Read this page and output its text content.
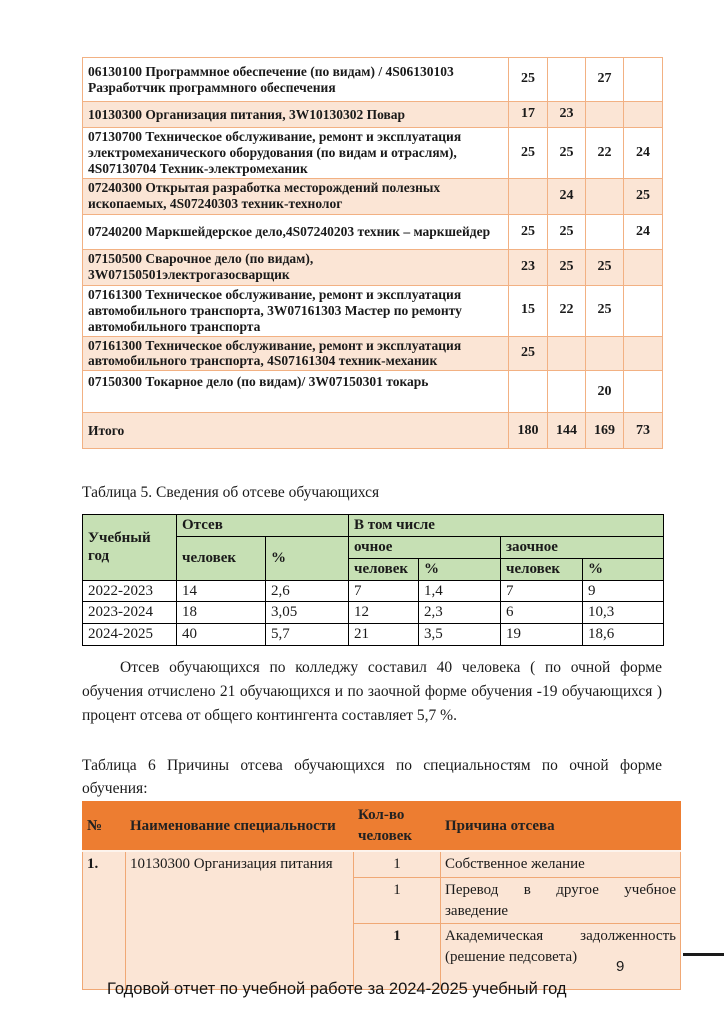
06130100 Программное обеспечение (по видам) / 4S06130103 Разработчик программного обеспечения	25		27	
10130300 Организация питания, 3W10130302 Повар	17	23		
07130700 Техническое обслуживание, ремонт и эксплуатация электромеханического оборудования (по видам и отраслям), 4S07130704 Техник-электромеханик	25	25	22	24
07240300 Открытая разработка месторождений полезных ископаемых, 4S07240303 техник-технолог		24		25
07240200 Маркшейдерское дело,4S07240203 техник – маркшейдер	25	25		24
07150500 Сварочное дело (по видам), 3W07150501электрогазосварщик	23	25	25	
07161300 Техническое обслуживание, ремонт и эксплуатация автомобильного транспорта, 3W07161303 Мастер по ремонту автомобильного транспорта	15	22	25	
07161300 Техническое обслуживание, ремонт и эксплуатация автомобильного транспорта, 4S07161304 техник-механик	25			
07150300 Токарное дело (по видам)/ 3W07150301 токарь			20	
Итого	180	144	169	73
Таблица 5. Сведения об отсеве обучающихся
Учебный год	Отсев		В том числе			
	человек	%	очное		заочное	
			человек	%	человек	%
2022-2023	14	2,6	7	1,4	7	9
2023-2024	18	3,05	12	2,3	6	10,3
2024-2025	40	5,7	21	3,5	19	18,6
Отсев обучающихся по колледжу составил 40 человека ( по очной форме обучения отчислено 21 обучающихся и по заочной форме обучения -19 обучающихся ) процент отсева от общего контингента составляет 5,7 %.
Таблица 6 Причины отсева обучающихся по специальностям по очной форме обучения:
№	Наименование специальности	Кол-во человек	Причина отсева
1.	10130300 Организация питания	1	Собственное желание
		1	Перевод в другое учебное заведение
		1	Академическая задолженность (решение педсовета)
9
Годовой отчет по учебной работе за 2024-2025 учебный год
